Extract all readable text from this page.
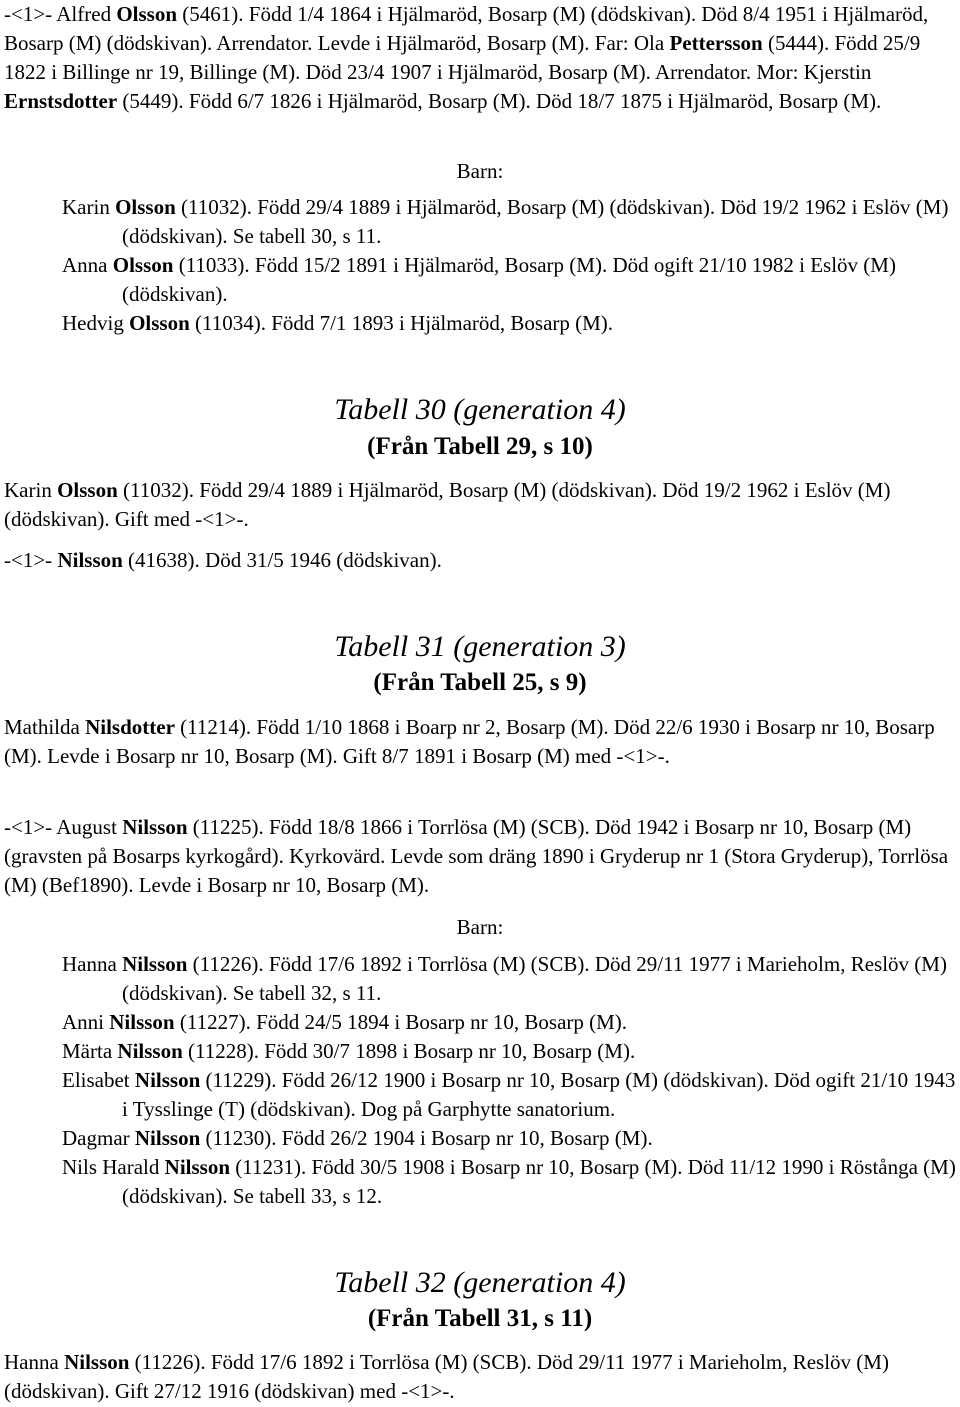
-<1>- Alfred Olsson (5461). Född 1/4 1864 i Hjälmaröd, Bosarp (M) (dödskivan). Död 8/4 1951 i Hjälmaröd, Bosarp (M) (dödskivan). Arrendator. Levde i Hjälmaröd, Bosarp (M). Far: Ola Pettersson (5444). Född 25/9 1822 i Billinge nr 19, Billinge (M). Död 23/4 1907 i Hjälmaröd, Bosarp (M). Arrendator. Mor: Kjerstin Ernstsdotter (5449). Född 6/7 1826 i Hjälmaröd, Bosarp (M). Död 18/7 1875 i Hjälmaröd, Bosarp (M).

Barn:

Karin Olsson (11032). Född 29/4 1889 i Hjälmaröd, Bosarp (M) (dödskivan). Död 19/2 1962 i Eslöv (M) (dödskivan). Se tabell 30, s 11.

Anna Olsson (11033). Född 15/2 1891 i Hjälmaröd, Bosarp (M). Död ogift 21/10 1982 i Eslöv (M) (dödskivan).

Hedvig Olsson (11034). Född 7/1 1893 i Hjälmaröd, Bosarp (M).

Tabell 30 (generation 4)

(Från Tabell 29, s 10)

Karin Olsson (11032). Född 29/4 1889 i Hjälmaröd, Bosarp (M) (dödskivan). Död 19/2 1962 i Eslöv (M) (dödskivan). Gift med -<1>-.

-<1>- Nilsson (41638). Död 31/5 1946 (dödskivan).

Tabell 31 (generation 3)

(Från Tabell 25, s 9)

Mathilda Nilsdotter (11214). Född 1/10 1868 i Boarp nr 2, Bosarp (M). Död 22/6 1930 i Bosarp nr 10, Bosarp (M). Levde i Bosarp nr 10, Bosarp (M). Gift 8/7 1891 i Bosarp (M) med -<1>-.

-<1>- August Nilsson (11225). Född 18/8 1866 i Torrlösa (M) (SCB). Död 1942 i Bosarp nr 10, Bosarp (M) (gravsten på Bosarps kyrkogård). Kyrkovärd. Levde som dräng 1890 i Gryderup nr 1 (Stora Gryderup), Torrlösa (M) (Bef1890). Levde i Bosarp nr 10, Bosarp (M).

Barn:

Hanna Nilsson (11226). Född 17/6 1892 i Torrlösa (M) (SCB). Död 29/11 1977 i Marieholm, Reslöv (M) (dödskivan). Se tabell 32, s 11.

Anni Nilsson (11227). Född 24/5 1894 i Bosarp nr 10, Bosarp (M).

Märta Nilsson (11228). Född 30/7 1898 i Bosarp nr 10, Bosarp (M).

Elisabet Nilsson (11229). Född 26/12 1900 i Bosarp nr 10, Bosarp (M) (dödskivan). Död ogift 21/10 1943 i Tysslinge (T) (dödskivan). Dog på Garphytte sanatorium.

Dagmar Nilsson (11230). Född 26/2 1904 i Bosarp nr 10, Bosarp (M).

Nils Harald Nilsson (11231). Född 30/5 1908 i Bosarp nr 10, Bosarp (M). Död 11/12 1990 i Röstånga (M) (dödskivan). Se tabell 33, s 12.

Tabell 32 (generation 4)

(Från Tabell 31, s 11)

Hanna Nilsson (11226). Född 17/6 1892 i Torrlösa (M) (SCB). Död 29/11 1977 i Marieholm, Reslöv (M) (dödskivan). Gift 27/12 1916 (dödskivan) med -<1>-.
